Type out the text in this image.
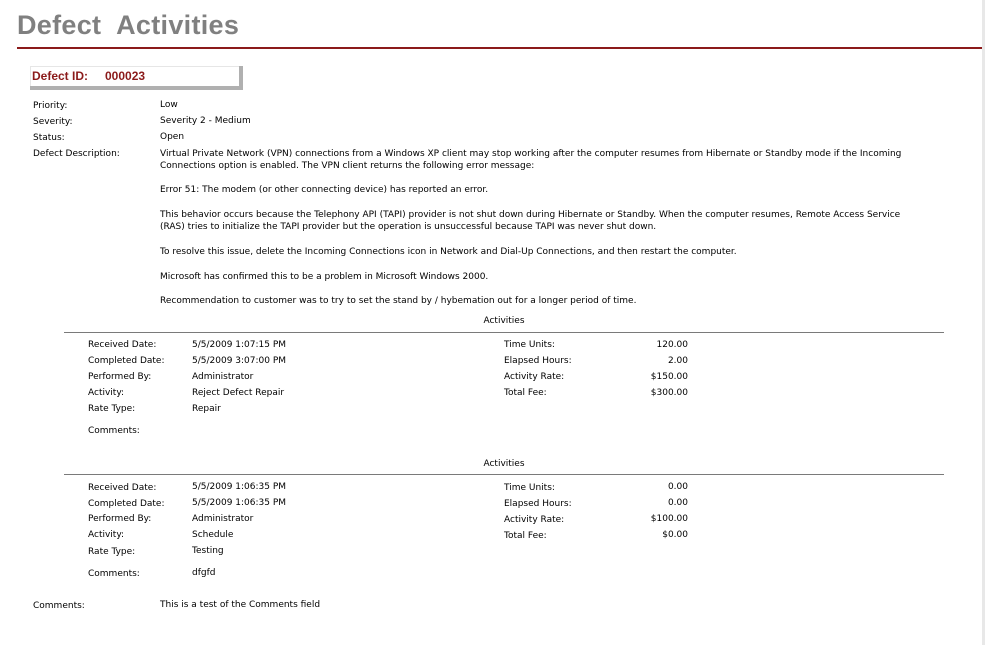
Defect Activities
Defect ID: 000023
Priority:	Low
Severity:	Severity 2 - Medium
Status:	Open
Defect Description:	Virtual Private Network (VPN) connections from a Windows XP client may stop working after the computer resumes from Hibernate or Standby mode if the Incoming Connections option is enabled. The VPN client returns the following error message:

Error 51: The modem (or other connecting device) has reported an error.

This behavior occurs because the Telephony API (TAPI) provider is not shut down during Hibernate or Standby. When the computer resumes, Remote Access Service (RAS) tries to initialize the TAPI provider but the operation is unsuccessful because TAPI was never shut down.

To resolve this issue, delete the Incoming Connections icon in Network and Dial-Up Connections, and then restart the computer.

Microsoft has confirmed this to be a problem in Microsoft Windows 2000.

Recommendation to customer was to try to set the stand by / hybemation out for a longer period of time.

Activities
Received Date:	5/5/2009 1:07:15 PM
Completed Date:	5/5/2009 3:07:00 PM
Performed By:	Administrator
Activity:	Reject Defect Repair
Rate Type:	Repair
Comments:
Time Units:	120.00
Elapsed Hours:	2.00
Activity Rate:	$150.00
Total Fee:	$300.00
Activities
Received Date:	5/5/2009 1:06:35 PM
Completed Date:	5/5/2009 1:06:35 PM
Performed By:	Administrator
Activity:	Schedule
Rate Type:	Testing
Comments:	dfgfd
Time Units:	0.00
Elapsed Hours:	0.00
Activity Rate:	$100.00
Total Fee:	$0.00
Comments:	This is a test of the Comments field
